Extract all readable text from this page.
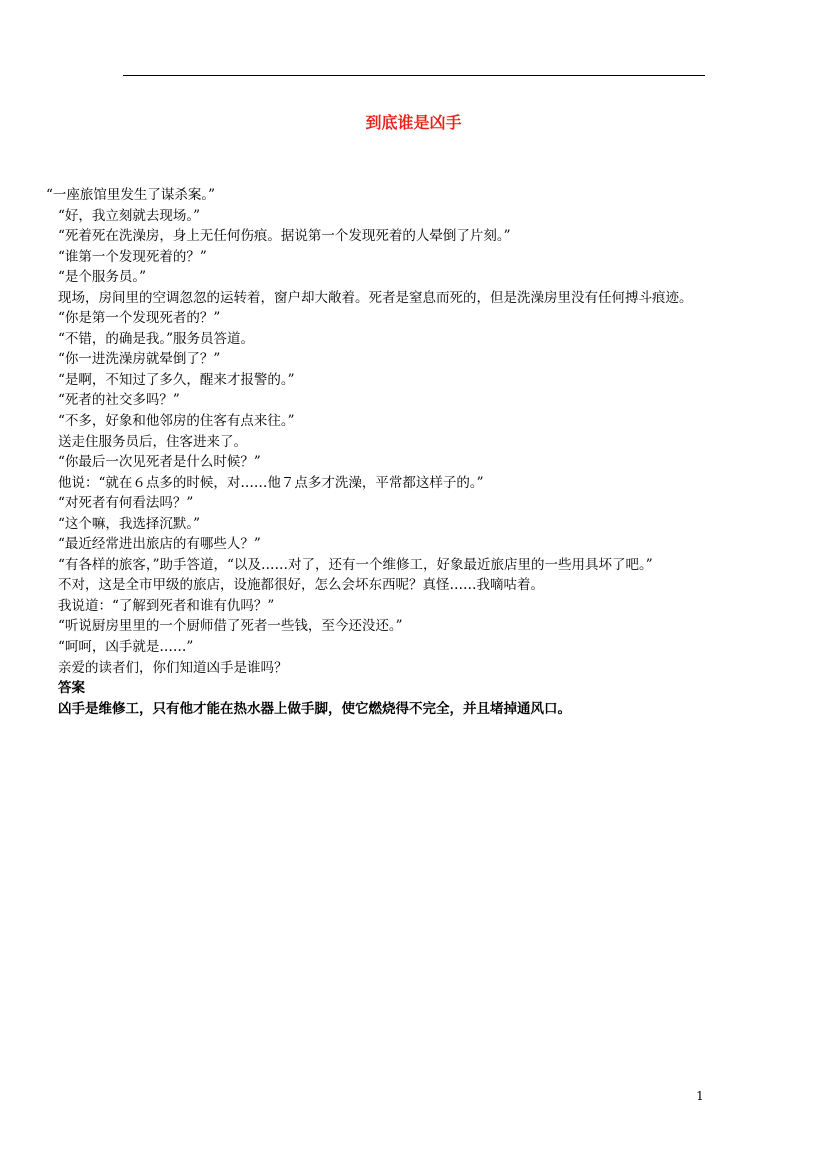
到底谁是凶手
“一座旅馆里发生了谋杀案。”
“好，我立刻就去现场。”
“死着死在洗澡房，身上无任何伤痕。据说第一个发现死着的人晕倒了片刻。”
“谁第一个发现死着的？”
“是个服务员。”
现场，房间里的空调忽忽的运转着，窗户却大敞着。死者是窒息而死的，但是洗澡房里没有任何搏斗痕迹。
“你是第一个发现死者的？”
“不错，的确是我。”服务员答道。
“你一进洗澡房就晕倒了？”
“是啊，不知过了多久，醒来才报警的。”
“死者的社交多吗？”
“不多，好象和他邻房的住客有点来往。”
送走住服务员后，住客进来了。
“你最后一次见死者是什么时候？”
他说：“就在６点多的时候，对……他７点多才洗澡，平常都这样子的。”
“对死者有何看法吗？”
“这个嘛，我选择沉默。”
“最近经常进出旅店的有哪些人？”
“有各样的旅客，”助手答道，“以及……对了，还有一个维修工，好象最近旅店里的一些用具坏了吧。”
不对，这是全市甲级的旅店，设施都很好，怎么会坏东西呢？真怪……我嘀咕着。
我说道：“了解到死者和谁有仇吗？”
“听说厨房里里的一个厨师借了死者一些钱，至今还没还。”
“呵呵，凶手就是……”
亲爱的读者们，你们知道凶手是谁吗？
答案
凶手是维修工，只有他才能在热水器上做手脚，使它燃烧得不完全，并且堵掉通风口。
1
